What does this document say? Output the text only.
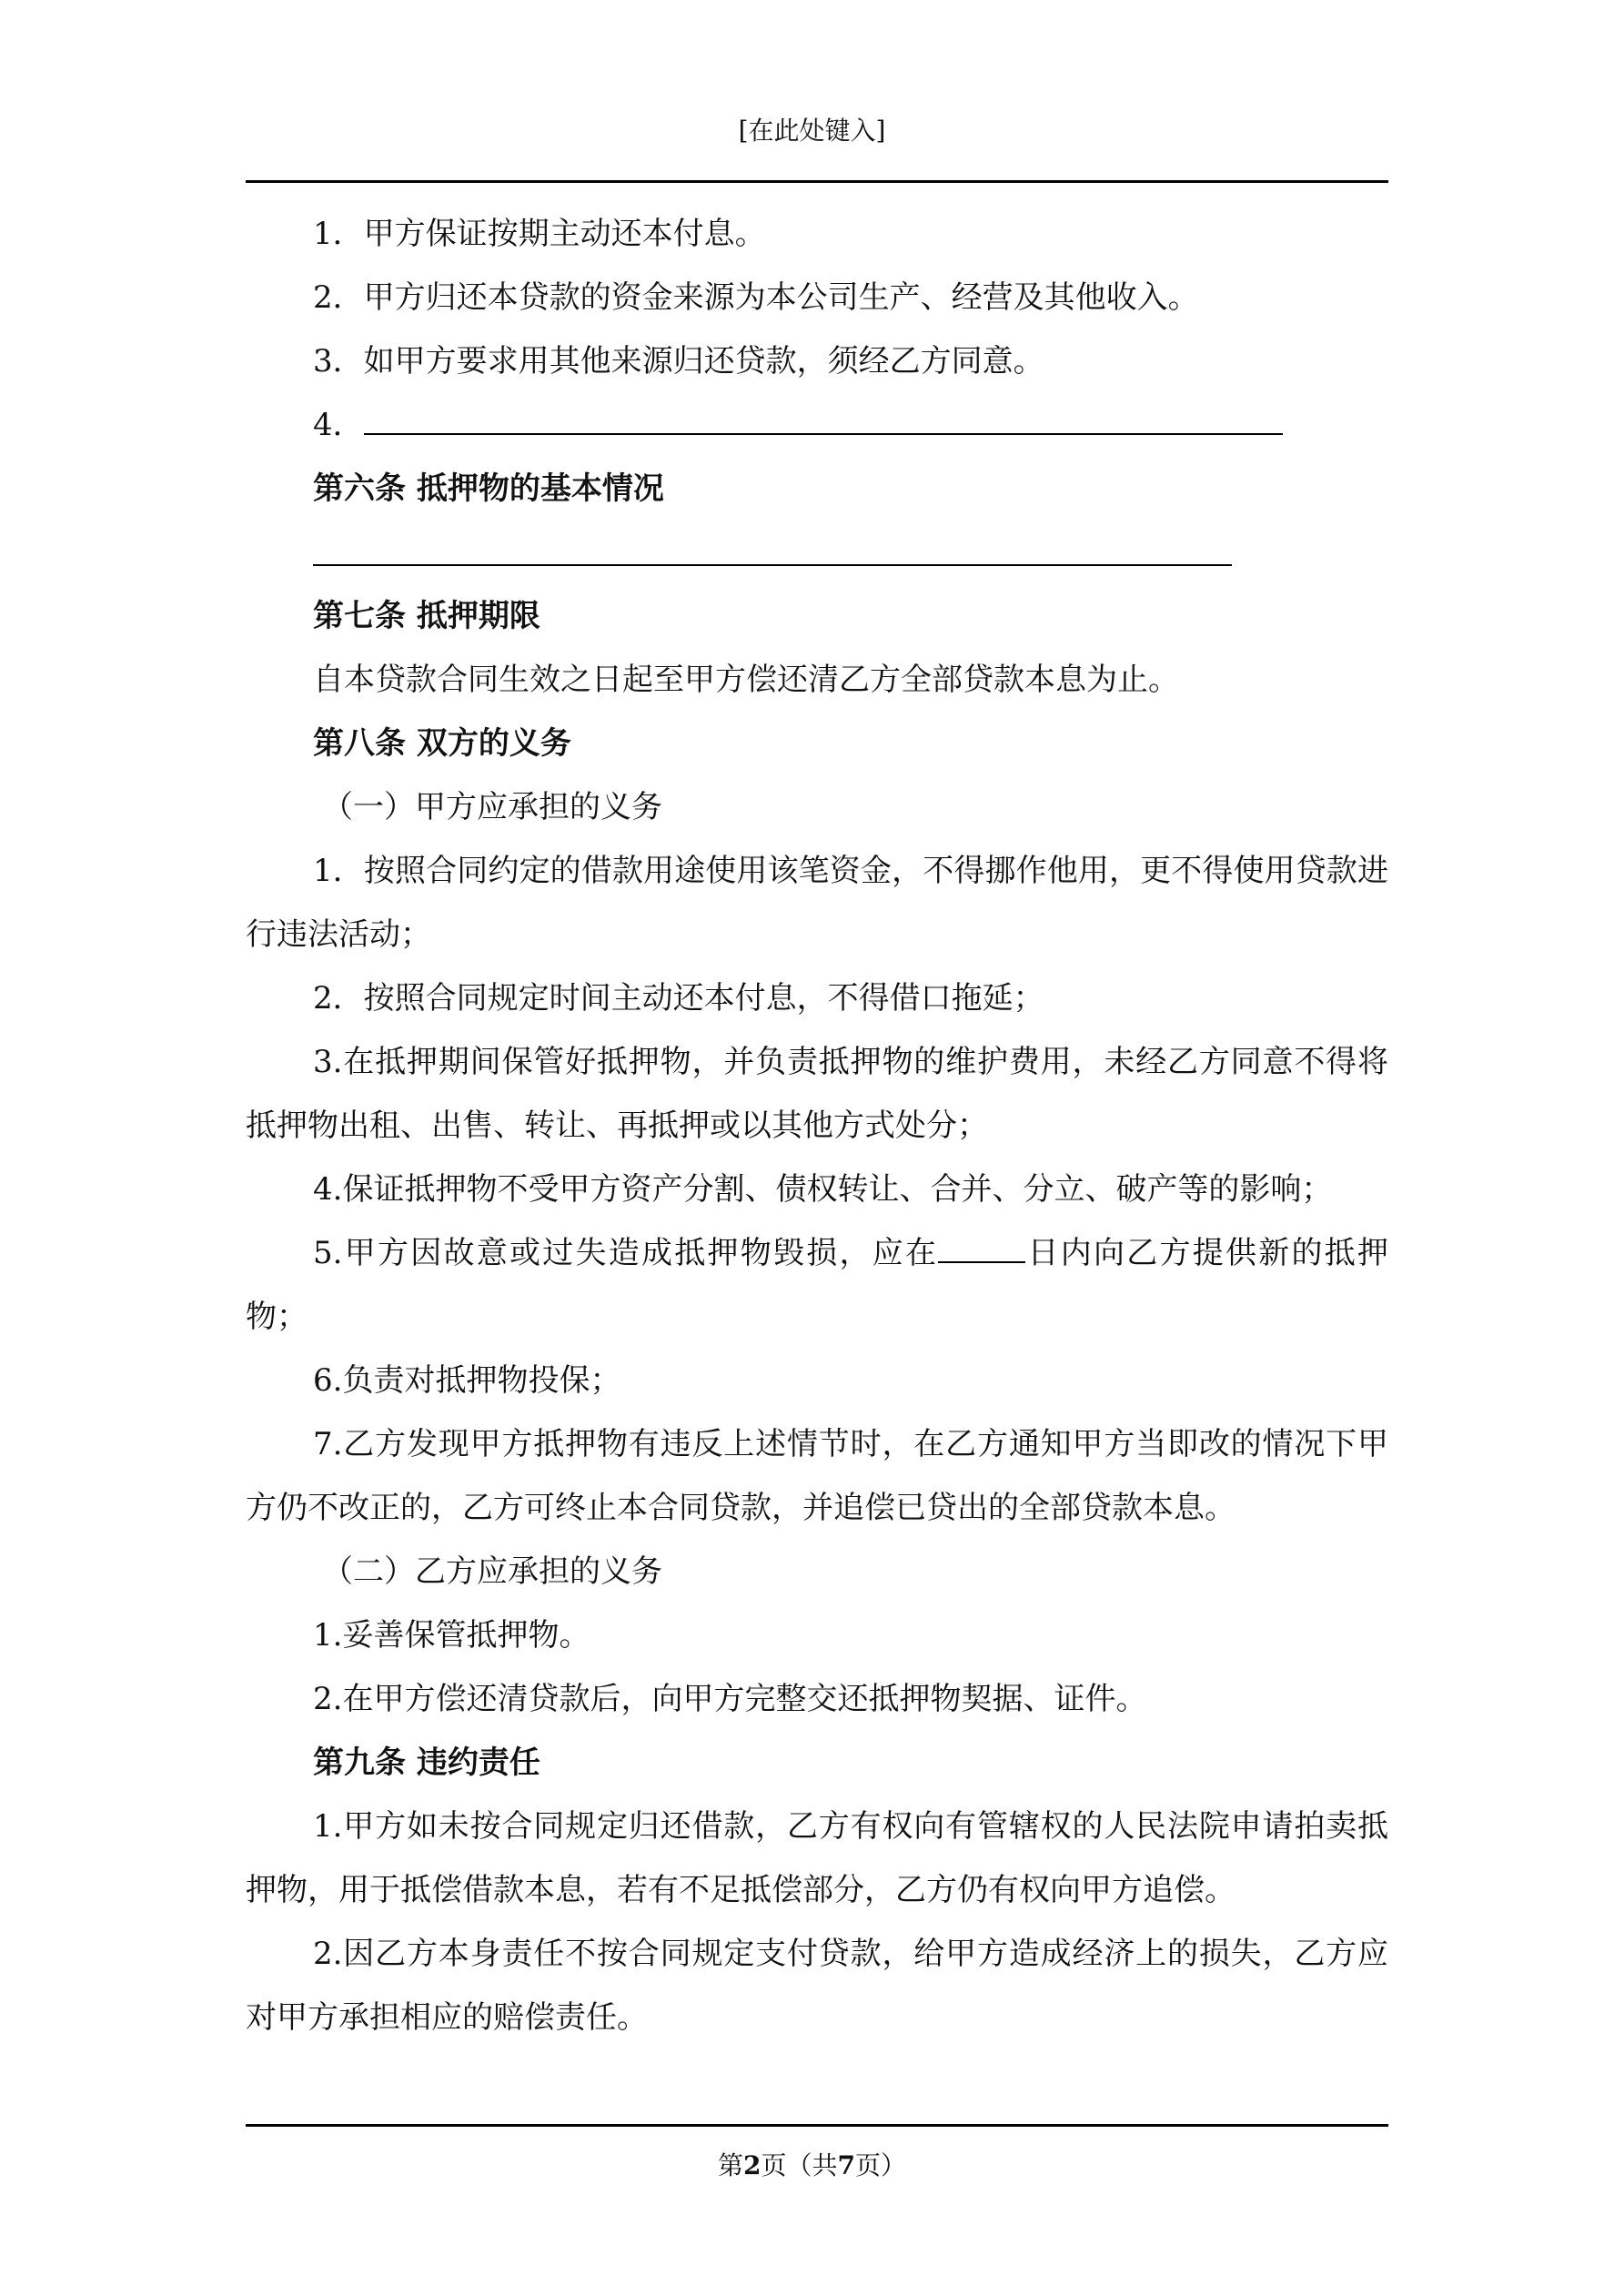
[在此处键入]

1．甲方保证按期主动还本付息。

2．甲方归还本贷款的资金来源为本公司生产、经营及其他收入。

3．如甲方要求用其他来源归还贷款，须经乙方同意。

4．

第六条 抵押物的基本情况

第七条 抵押期限

自本贷款合同生效之日起至甲方偿还清乙方全部贷款本息为止。

第八条 双方的义务

（一）甲方应承担的义务

1．按照合同约定的借款用途使用该笔资金，不得挪作他用，更不得使用贷款进行违法活动；

2．按照合同规定时间主动还本付息，不得借口拖延；

3.在抵押期间保管好抵押物，并负责抵押物的维护费用，未经乙方同意不得将抵押物出租、出售、转让、再抵押或以其他方式处分；

4.保证抵押物不受甲方资产分割、债权转让、合并、分立、破产等的影响；

5.甲方因故意或过失造成抵押物毁损，应在	日内向乙方提供新的抵押物；

6.负责对抵押物投保；

7.乙方发现甲方抵押物有违反上述情节时，在乙方通知甲方当即改的情况下甲方仍不改正的，乙方可终止本合同贷款，并追偿已贷出的全部贷款本息。

（二）乙方应承担的义务

1.妥善保管抵押物。

2.在甲方偿还清贷款后，向甲方完整交还抵押物契据、证件。

第九条 违约责任

1.甲方如未按合同规定归还借款，乙方有权向有管辖权的人民法院申请拍卖抵押物，用于抵偿借款本息，若有不足抵偿部分，乙方仍有权向甲方追偿。

2.因乙方本身责任不按合同规定支付贷款，给甲方造成经济上的损失，乙方应对甲方承担相应的赔偿责任。

第2页（共7页）
